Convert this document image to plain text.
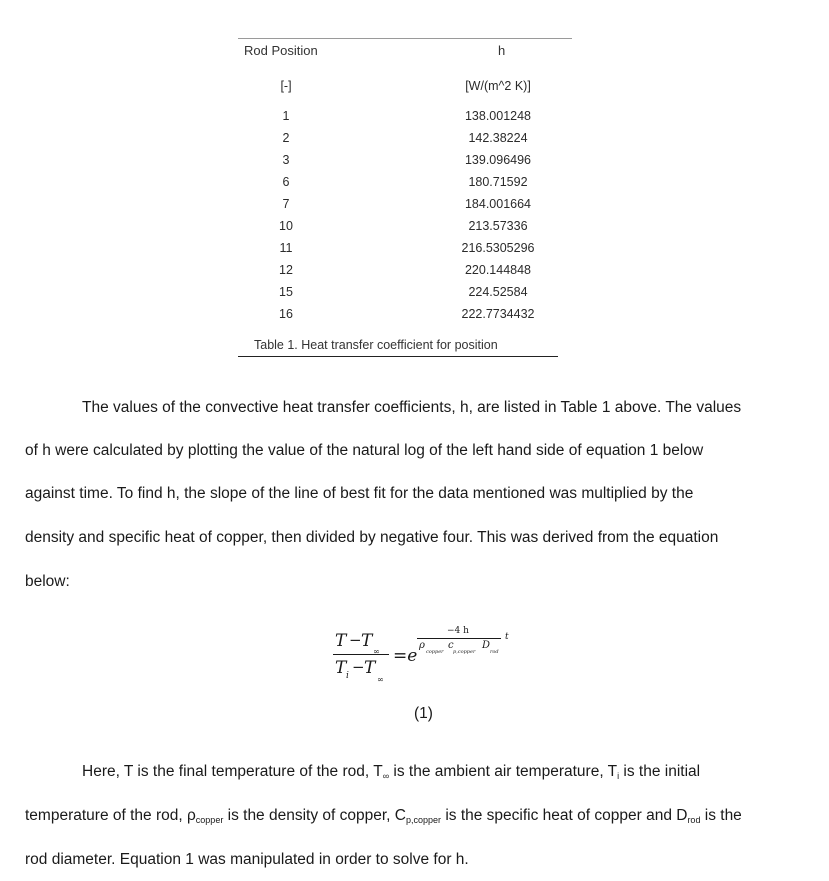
Rod Position	h
[-]	[W/(m^2 K)]
1	138.001248
2	142.38224
3	139.096496
6	180.71592
7	184.001664
10	213.57336
11	216.5305296
12	220.144848
15	224.52584
16	222.7734432
Table 1. Heat transfer coefficient for position
The values of the convective heat transfer coefficients, h, are listed in Table 1 above. The values
of h were calculated by plotting the value of the natural log of the left hand side of equation 1 below
against time. To find h, the slope of the line of best fit for the data mentioned was multiplied by the
density and specific heat of copper, then divided by negative four. This was derived from the equation
below:
T − T
∞
T i − T
∞
=e
−4 h
ρ
copper
c
p,copper
D
rod
t
(1)
Here, T is the final temperature of the rod, $T_\infty$ is the ambient air temperature, $T_i$ is the initial
temperature of the rod, $\rho_{copper}$ is the density of copper, $C_{p,copper}$ is the specific heat of copper and $D_{rod}$ is the
rod diameter. Equation 1 was manipulated in order to solve for h.
